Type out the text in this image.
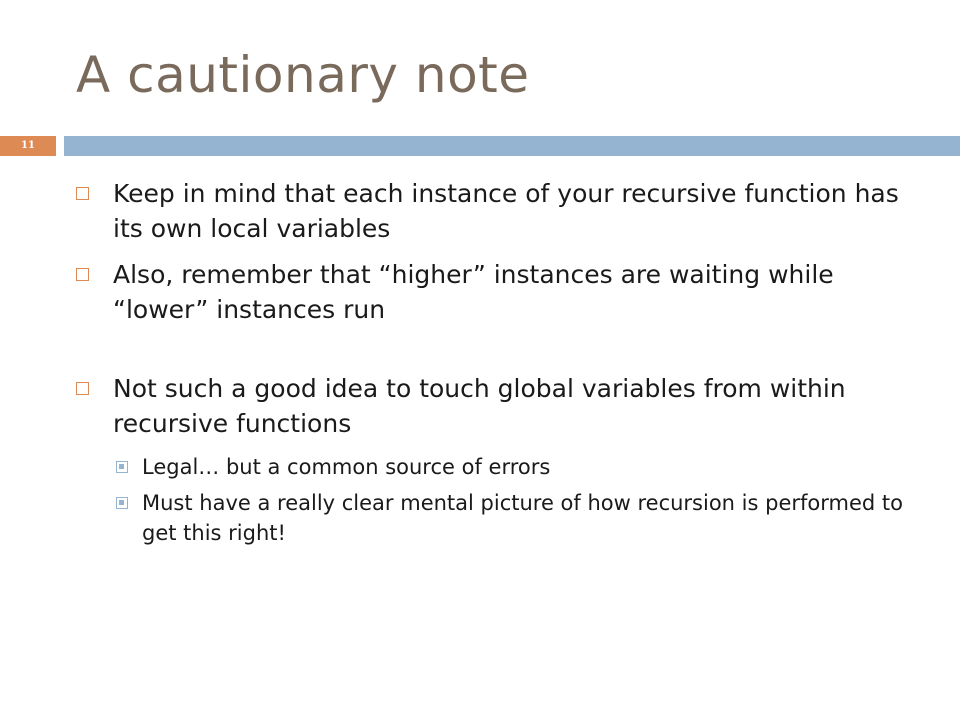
A cautionary note
11
Keep in mind that each instance of your recursive function has its own local variables
Also, remember that “higher” instances are waiting while “lower” instances run
Not such a good idea to touch global variables from within recursive functions
Legal… but a common source of errors
Must have a really clear mental picture of how recursion is performed to get this right!
